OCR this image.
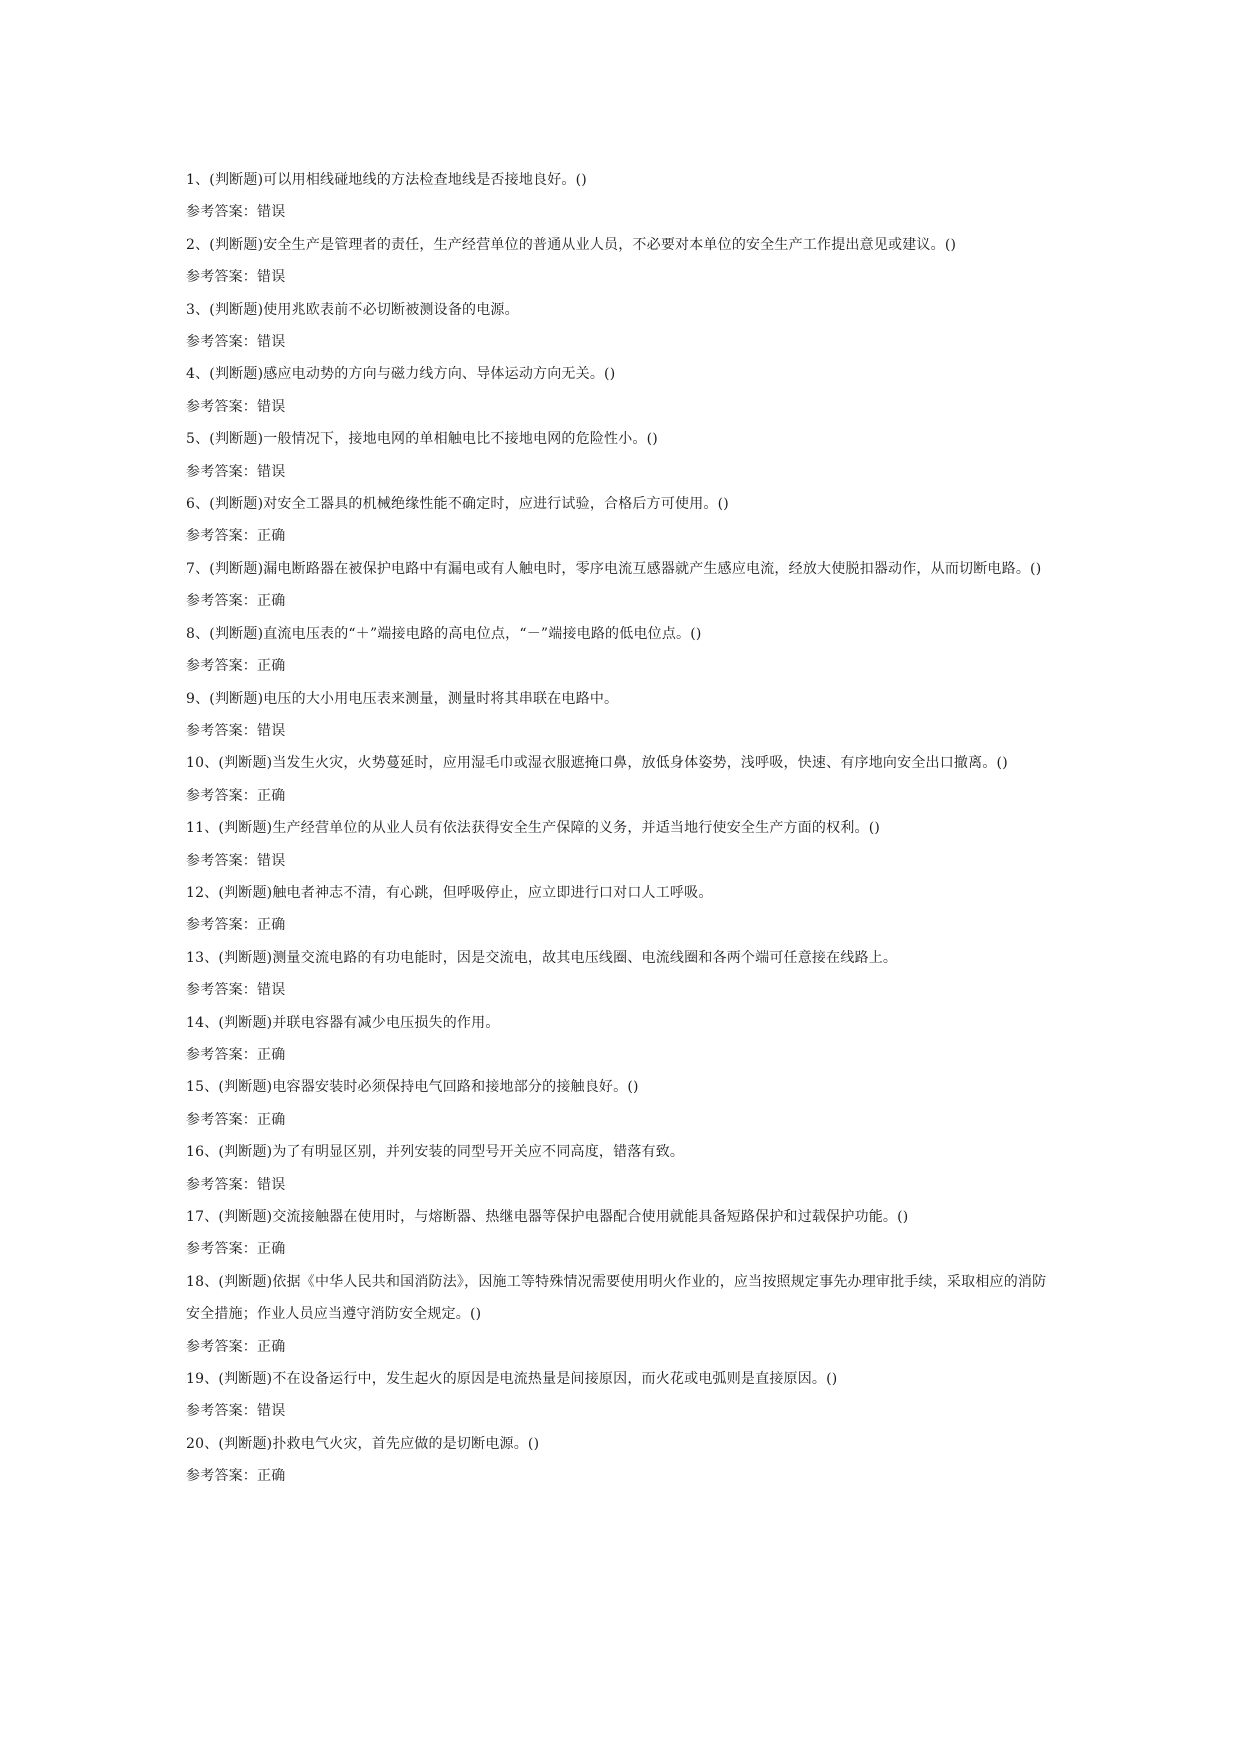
1、(判断题)可以用相线碰地线的方法检查地线是否接地良好。()

参考答案：错误

2、(判断题)安全生产是管理者的责任，生产经营单位的普通从业人员，不必要对本单位的安全生产工作提出意见或建议。()

参考答案：错误

3、(判断题)使用兆欧表前不必切断被测设备的电源。

参考答案：错误

4、(判断题)感应电动势的方向与磁力线方向、导体运动方向无关。()

参考答案：错误

5、(判断题)一般情况下，接地电网的单相触电比不接地电网的危险性小。()

参考答案：错误

6、(判断题)对安全工器具的机械绝缘性能不确定时，应进行试验，合格后方可使用。()

参考答案：正确

7、(判断题)漏电断路器在被保护电路中有漏电或有人触电时，零序电流互感器就产生感应电流，经放大使脱扣器动作，从而切断电路。()

参考答案：正确

8、(判断题)直流电压表的“＋”端接电路的高电位点，“－”端接电路的低电位点。()

参考答案：正确

9、(判断题)电压的大小用电压表来测量，测量时将其串联在电路中。

参考答案：错误

10、(判断题)当发生火灾，火势蔓延时，应用湿毛巾或湿衣服遮掩口鼻，放低身体姿势，浅呼吸，快速、有序地向安全出口撤离。()

参考答案：正确

11、(判断题)生产经营单位的从业人员有依法获得安全生产保障的义务，并适当地行使安全生产方面的权利。()

参考答案：错误

12、(判断题)触电者神志不清，有心跳，但呼吸停止，应立即进行口对口人工呼吸。

参考答案：正确

13、(判断题)测量交流电路的有功电能时，因是交流电，故其电压线圈、电流线圈和各两个端可任意接在线路上。

参考答案：错误

14、(判断题)并联电容器有减少电压损失的作用。

参考答案：正确

15、(判断题)电容器安装时必须保持电气回路和接地部分的接触良好。()

参考答案：正确

16、(判断题)为了有明显区别，并列安装的同型号开关应不同高度，错落有致。

参考答案：错误

17、(判断题)交流接触器在使用时，与熔断器、热继电器等保护电器配合使用就能具备短路保护和过载保护功能。()

参考答案：正确

18、(判断题)依据《中华人民共和国消防法》，因施工等特殊情况需要使用明火作业的，应当按照规定事先办理审批手续，采取相应的消防安全措施；作业人员应当遵守消防安全规定。()

参考答案：正确

19、(判断题)不在设备运行中，发生起火的原因是电流热量是间接原因，而火花或电弧则是直接原因。()

参考答案：错误

20、(判断题)扑救电气火灾，首先应做的是切断电源。()

参考答案：正确
